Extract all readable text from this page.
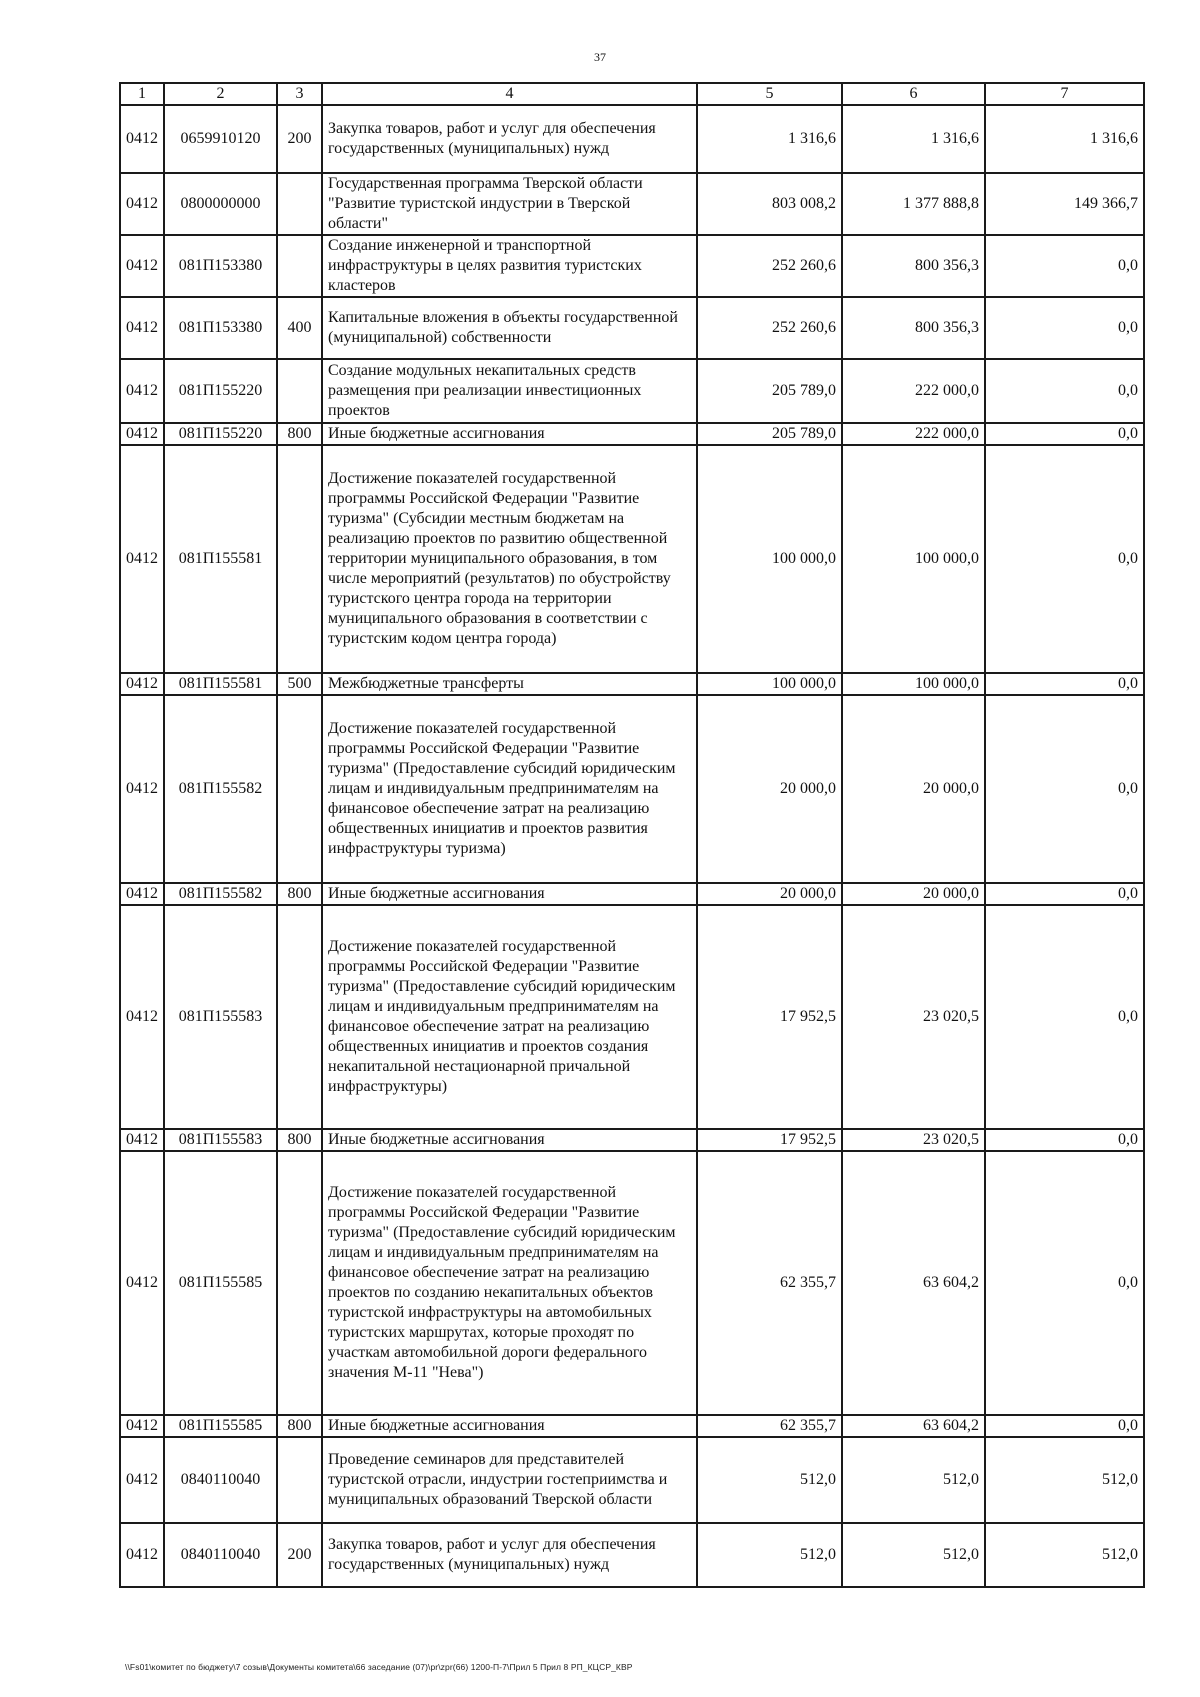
37
1	2	3	4	5	6	7
0412	0659910120	200	Закупка товаров, работ и услуг для обеспечения государственных (муниципальных) нужд	1 316,6	1 316,6	1 316,6
0412	0800000000		Государственная программа Тверской области "Развитие туристской индустрии в Тверской области"	803 008,2	1 377 888,8	149 366,7
0412	081П153380		Создание инженерной и транспортной инфраструктуры в целях развития туристских кластеров	252 260,6	800 356,3	0,0
0412	081П153380	400	Капитальные вложения в объекты государственной (муниципальной) собственности	252 260,6	800 356,3	0,0
0412	081П155220		Создание модульных некапитальных средств размещения при реализации инвестиционных проектов	205 789,0	222 000,0	0,0
0412	081П155220	800	Иные бюджетные ассигнования	205 789,0	222 000,0	0,0
0412	081П155581		Достижение показателей государственной программы Российской Федерации "Развитие туризма" (Субсидии местным бюджетам на реализацию проектов по развитию общественной территории муниципального образования, в том числе мероприятий (результатов) по обустройству туристского центра города на территории муниципального образования в соответствии с туристским кодом центра города)	100 000,0	100 000,0	0,0
0412	081П155581	500	Межбюджетные трансферты	100 000,0	100 000,0	0,0
0412	081П155582		Достижение показателей государственной программы Российской Федерации "Развитие туризма" (Предоставление субсидий юридическим лицам и индивидуальным предпринимателям на финансовое обеспечение затрат на реализацию общественных инициатив и проектов развития инфраструктуры туризма)	20 000,0	20 000,0	0,0
0412	081П155582	800	Иные бюджетные ассигнования	20 000,0	20 000,0	0,0
0412	081П155583		Достижение показателей государственной программы Российской Федерации "Развитие туризма" (Предоставление субсидий юридическим лицам и индивидуальным предпринимателям на финансовое обеспечение затрат на реализацию общественных инициатив и проектов создания некапитальной нестационарной причальной инфраструктуры)	17 952,5	23 020,5	0,0
0412	081П155583	800	Иные бюджетные ассигнования	17 952,5	23 020,5	0,0
0412	081П155585		Достижение показателей государственной программы Российской Федерации "Развитие туризма" (Предоставление субсидий юридическим лицам и индивидуальным предпринимателям на финансовое обеспечение затрат на реализацию проектов по созданию некапитальных объектов туристской инфраструктуры на автомобильных туристских маршрутах, которые проходят по участкам автомобильной дороги федерального значения М-11 "Нева")	62 355,7	63 604,2	0,0
0412	081П155585	800	Иные бюджетные ассигнования	62 355,7	63 604,2	0,0
0412	0840110040		Проведение семинаров для представителей туристской отрасли, индустрии гостеприимства и муниципальных образований Тверской области	512,0	512,0	512,0
0412	0840110040	200	Закупка товаров, работ и услуг для обеспечения государственных (муниципальных) нужд	512,0	512,0	512,0
\\Fs01\комитет по бюджету\7 созыв\Документы комитета\66 заседание (07)\pr\zpr(66) 1200-П-7\Прил 5 Прил 8 РП_КЦСР_КВР
